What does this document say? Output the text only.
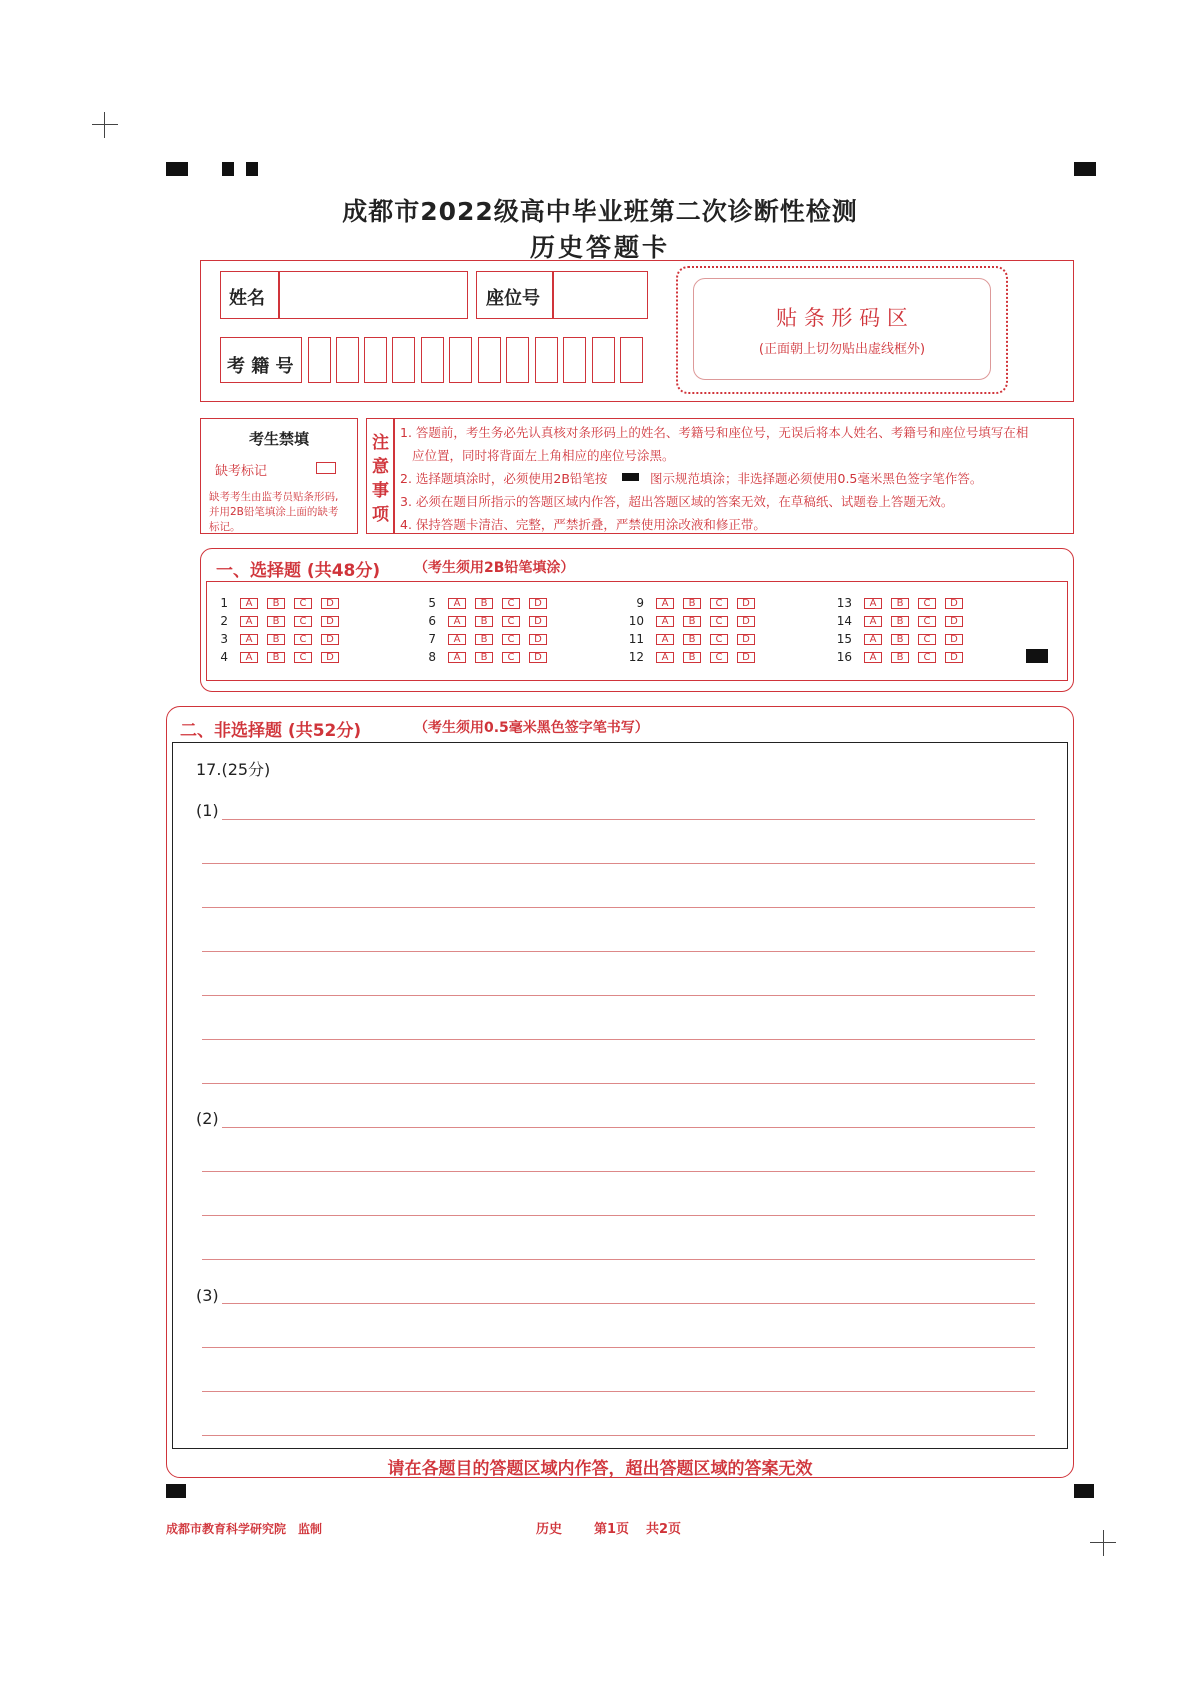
成都市2022级高中毕业班第二次诊断性检测
历史答题卡
姓名	座位号
考 籍 号
贴 条 形 码 区
(正面朝上切勿贴出虚线框外)
考生禁填
缺考标记
缺考考生由监考员贴条形码,
并用2B铅笔填涂上面的缺考
标记。
注
意
事
项
1. 答题前，考生务必先认真核对条形码上的姓名、考籍号和座位号，无误后将本人姓名、考籍号和座位号填写在相
应位置，同时将背面左上角相应的座位号涂黑。
2. 选择题填涂时，必须使用2B铅笔按	图示规范填涂；非选择题必须使用0.5毫米黑色签字笔作答。
3. 必须在题目所指示的答题区域内作答，超出答题区域的答案无效，在草稿纸、试题卷上答题无效。
4. 保持答题卡清洁、完整，严禁折叠，严禁使用涂改液和修正带。
一、选择题 (共48分) （考生须用2B铅笔填涂）
1	A	B	C	D
2	A	B	C	D
3	A	B	C	D
4	A	B	C	D
5	A	B	C	D
6	A	B	C	D
7	A	B	C	D
8	A	B	C	D
9	A	B	C	D
10	A	B	C	D
11	A	B	C	D
12	A	B	C	D
13	A	B	C	D
14	A	B	C	D
15	A	B	C	D
16	A	B	C	D
二、非选择题 (共52分)	（考生须用0.5毫米黑色签字笔书写）
17.(25分)
(1)
(2)
(3)
请在各题目的答题区域内作答，超出答题区域的答案无效
成都市教育科学研究院　监制	历史 第1页 共2页
